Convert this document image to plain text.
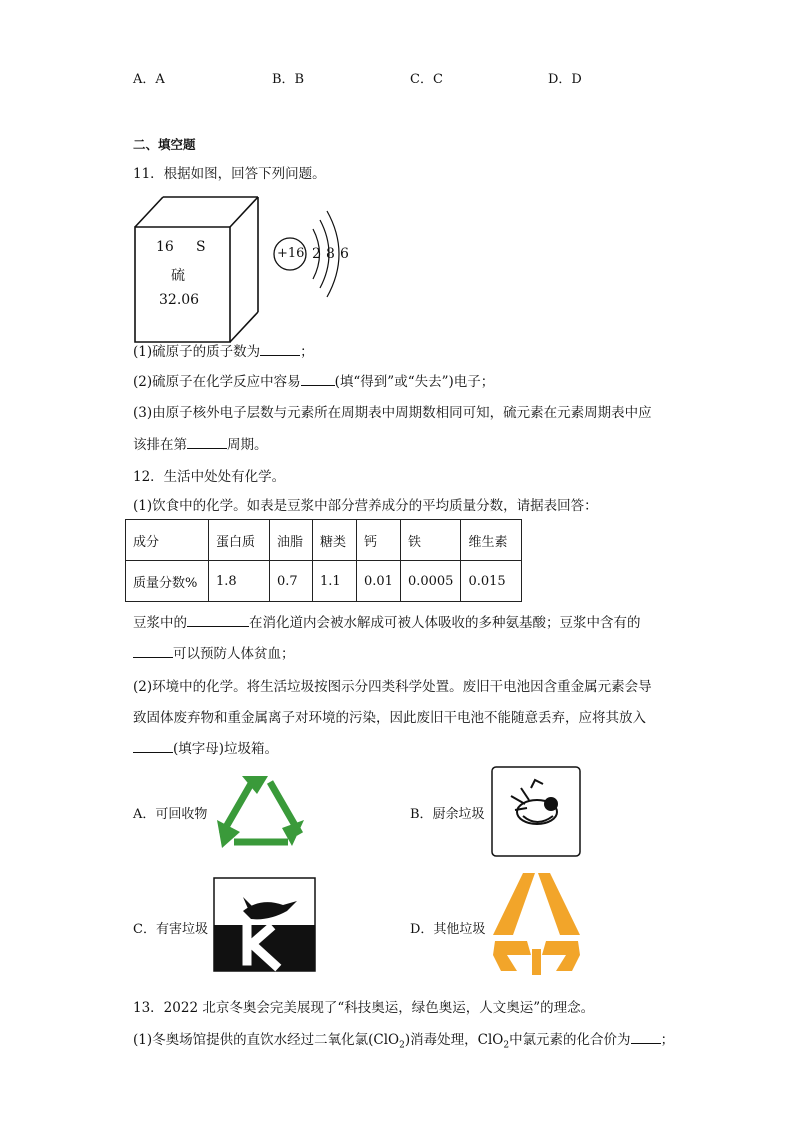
A．A	B．B	C．C	D．D
二、填空题
11．根据如图，回答下列问题。
16 S
硫
32.06
+16 2 8 6
(1)硫原子的质子数为	；
(2)硫原子在化学反应中容易	(填“得到”或“失去”)电子；
(3)由原子核外电子层数与元素所在周期表中周期数相同可知，硫元素在元素周期表中应
该排在第	周期。
12．生活中处处有化学。
(1)饮食中的化学。如表是豆浆中部分营养成分的平均质量分数，请据表回答：
成分	蛋白质	油脂	糖类	钙	铁	维生素
质量分数%	1.8	0.7	1.1	0.01	0.0005	0.015
豆浆中的	在消化道内会被水解成可被人体吸收的多种氨基酸；豆浆中含有的
可以预防人体贫血；
(2)环境中的化学。将生活垃圾按图示分四类科学处置。废旧干电池因含重金属元素会导
致固体废弃物和重金属离子对环境的污染，因此废旧干电池不能随意丢弃，应将其放入
(填字母)垃圾箱。
A．可回收物	B．厨余垃圾
C．有害垃圾	D．其他垃圾
13．2022 北京冬奥会完美展现了“科技奥运，绿色奥运，人文奥运”的理念。
(1)冬奥场馆提供的直饮水经过二氧化氯(ClO$_2$)消毒处理，ClO$_2$中氯元素的化合价为 ；
